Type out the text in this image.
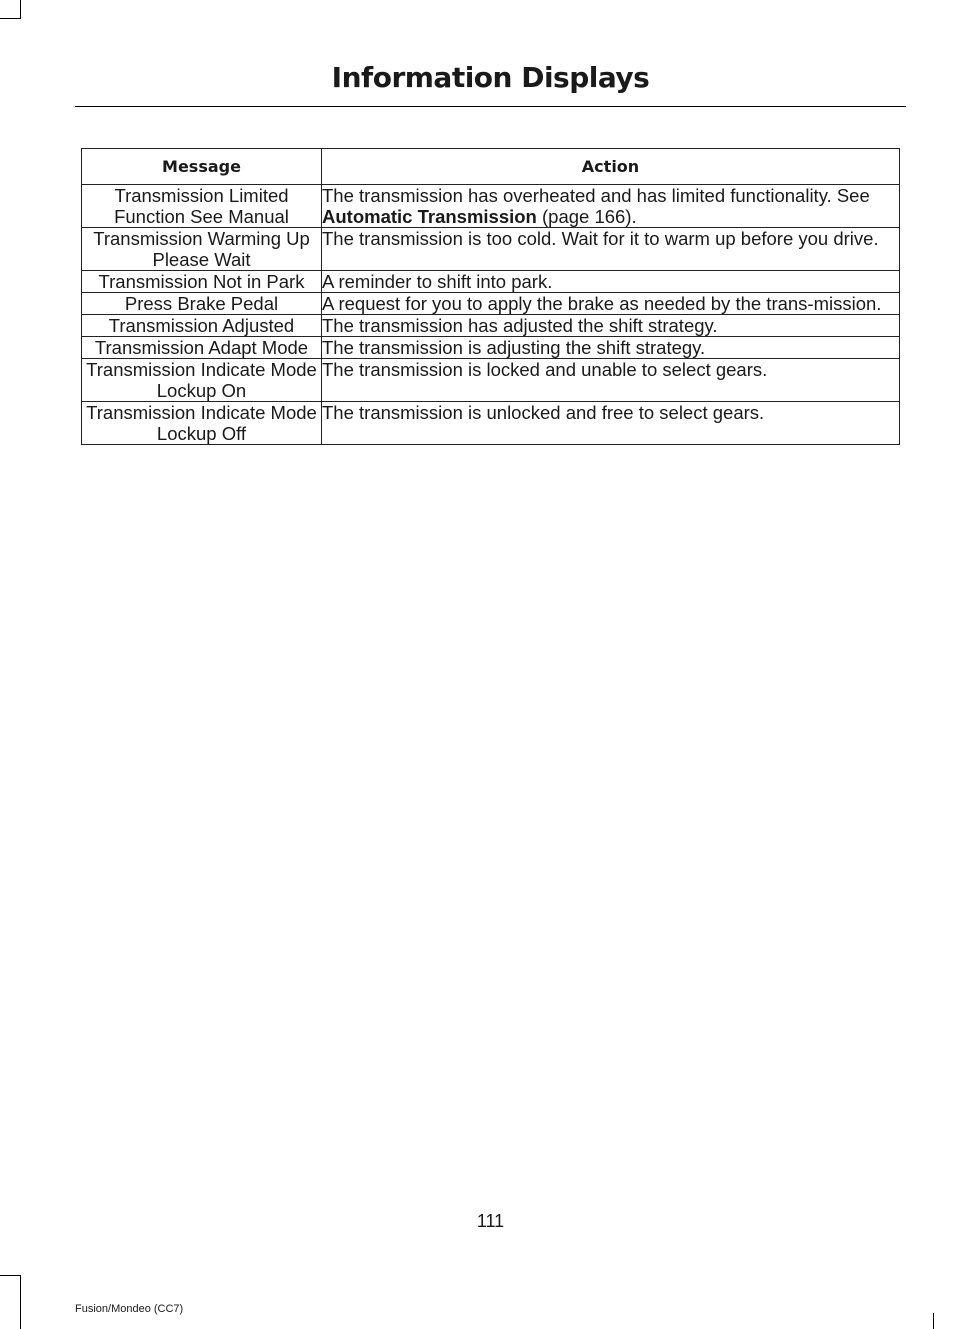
Information Displays
Message	Action
Transmission Limited Function See Manual	The transmission has overheated and has limited functionality. See Automatic Transmission (page 166).
Transmission Warming Up Please Wait	The transmission is too cold. Wait for it to warm up before you drive.
Transmission Not in Park	A reminder to shift into park.
Press Brake Pedal	A request for you to apply the brake as needed by the trans-mission.
Transmission Adjusted	The transmission has adjusted the shift strategy.
Transmission Adapt Mode	The transmission is adjusting the shift strategy.
Transmission Indicate Mode Lockup On	The transmission is locked and unable to select gears.
Transmission Indicate Mode Lockup Off	The transmission is unlocked and free to select gears.
111
Fusion/Mondeo (CC7)
